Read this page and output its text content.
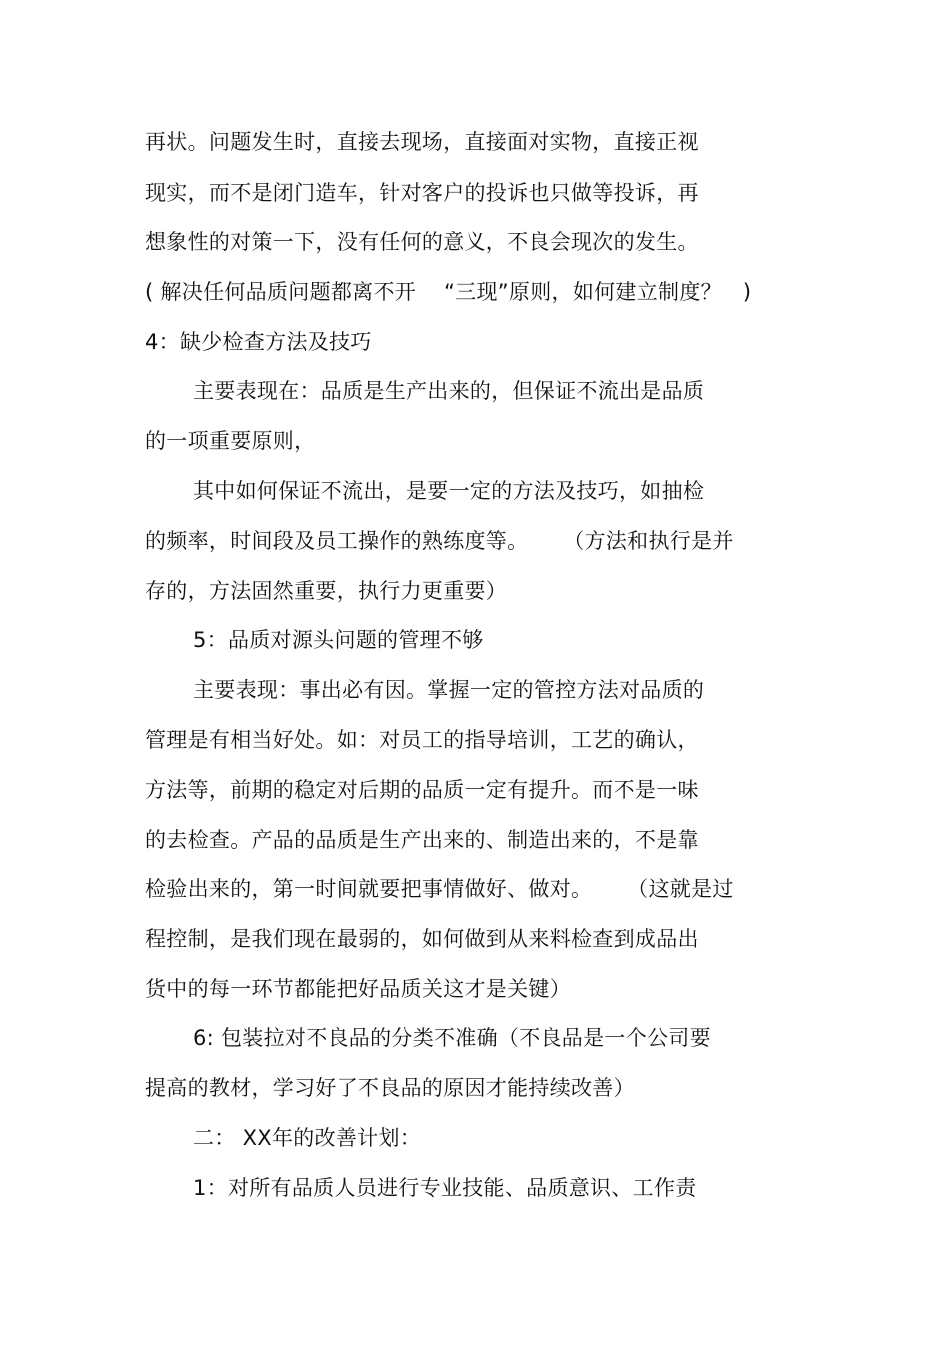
再状。问题发生时，直接去现场，直接面对实物，直接正视
现实，而不是闭门造车，针对客户的投诉也只做等投诉，再
想象性的对策一下，没有任何的意义，不良会现次的发生。
( 解决任何品质问题都离不开    “三现”原则，如何建立制度？   )
4：缺少检查方法及技巧
主要表现在：品质是生产出来的，但保证不流出是品质
的一项重要原则，
其中如何保证不流出，是要一定的方法及技巧，如抽检
的频率，时间段及员工操作的熟练度等。     （方法和执行是并
存的，方法固然重要，执行力更重要）
5：品质对源头问题的管理不够
主要表现：事出必有因。掌握一定的管控方法对品质的
管理是有相当好处。如：对员工的指导培训，工艺的确认，
方法等，前期的稳定对后期的品质一定有提升。而不是一味
的去检查。产品的品质是生产出来的、制造出来的，不是靠
检验出来的，第一时间就要把事情做好、做对。     （这就是过
程控制，是我们现在最弱的，如何做到从来料检查到成品出
货中的每一环节都能把好品质关这才是关键）
6: 包装拉对不良品的分类不准确（不良品是一个公司要
提高的教材，学习好了不良品的原因才能持续改善）
二： XX年的改善计划：
1：对所有品质人员进行专业技能、品质意识、工作责
